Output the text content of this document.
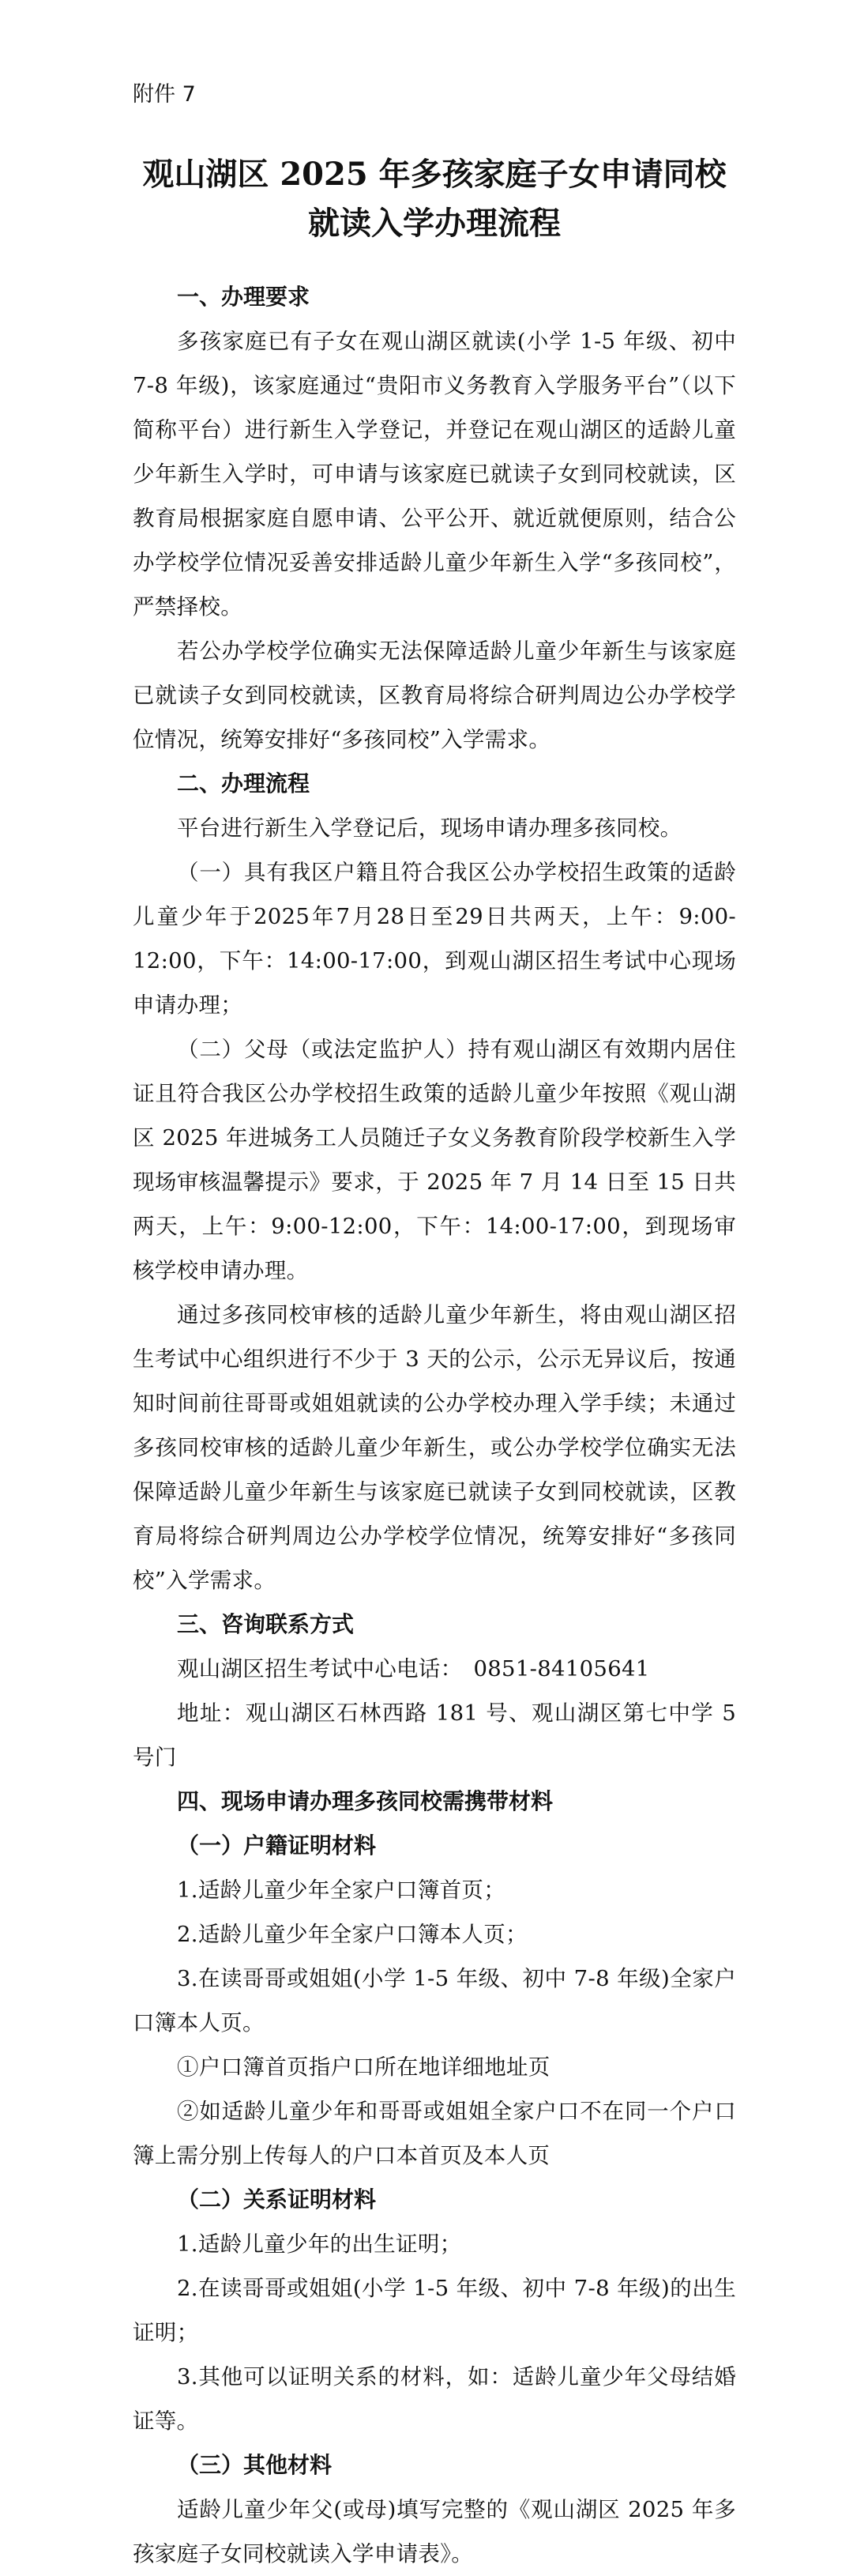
附件 7

观山湖区 2025 年多孩家庭子女申请同校
就读入学办理流程

一、办理要求

多孩家庭已有子女在观山湖区就读(小学 1-5 年级、初中 7-8 年级)，该家庭通过“贵阳市义务教育入学服务平台”（以下简称平台）进行新生入学登记，并登记在观山湖区的适龄儿童少年新生入学时，可申请与该家庭已就读子女到同校就读，区教育局根据家庭自愿申请、公平公开、就近就便原则，结合公办学校学位情况妥善安排适龄儿童少年新生入学“多孩同校”，严禁择校。

若公办学校学位确实无法保障适龄儿童少年新生与该家庭已就读子女到同校就读，区教育局将综合研判周边公办学校学位情况，统筹安排好“多孩同校”入学需求。

二、办理流程

平台进行新生入学登记后，现场申请办理多孩同校。

（一）具有我区户籍且符合我区公办学校招生政策的适龄儿童少年于2025年7月28日至29日共两天，上午：9:00-12:00，下午：14:00-17:00，到观山湖区招生考试中心现场申请办理；

（二）父母（或法定监护人）持有观山湖区有效期内居住证且符合我区公办学校招生政策的适龄儿童少年按照《观山湖区 2025 年进城务工人员随迁子女义务教育阶段学校新生入学现场审核温馨提示》要求，于 2025 年 7 月 14 日至 15 日共两天，上午：9:00-12:00，下午：14:00-17:00，到现场审核学校申请办理。

通过多孩同校审核的适龄儿童少年新生，将由观山湖区招生考试中心组织进行不少于 3 天的公示，公示无异议后，按通知时间前往哥哥或姐姐就读的公办学校办理入学手续；未通过多孩同校审核的适龄儿童少年新生，或公办学校学位确实无法保障适龄儿童少年新生与该家庭已就读子女到同校就读，区教育局将综合研判周边公办学校学位情况，统筹安排好“多孩同校”入学需求。

三、咨询联系方式

观山湖区招生考试中心电话：　0851-84105641

地址：观山湖区石林西路 181 号、观山湖区第七中学 5 号门

四、现场申请办理多孩同校需携带材料

（一）户籍证明材料

1.适龄儿童少年全家户口簿首页；

2.适龄儿童少年全家户口簿本人页；

3.在读哥哥或姐姐(小学 1-5 年级、初中 7-8 年级)全家户口簿本人页。

①户口簿首页指户口所在地详细地址页

②如适龄儿童少年和哥哥或姐姐全家户口不在同一个户口簿上需分别上传每人的户口本首页及本人页

（二）关系证明材料

1.适龄儿童少年的出生证明；

2.在读哥哥或姐姐(小学 1-5 年级、初中 7-8 年级)的出生证明；

3.其他可以证明关系的材料，如：适龄儿童少年父母结婚证等。

（三）其他材料

适龄儿童少年父(或母)填写完整的《观山湖区 2025 年多孩家庭子女同校就读入学申请表》。
